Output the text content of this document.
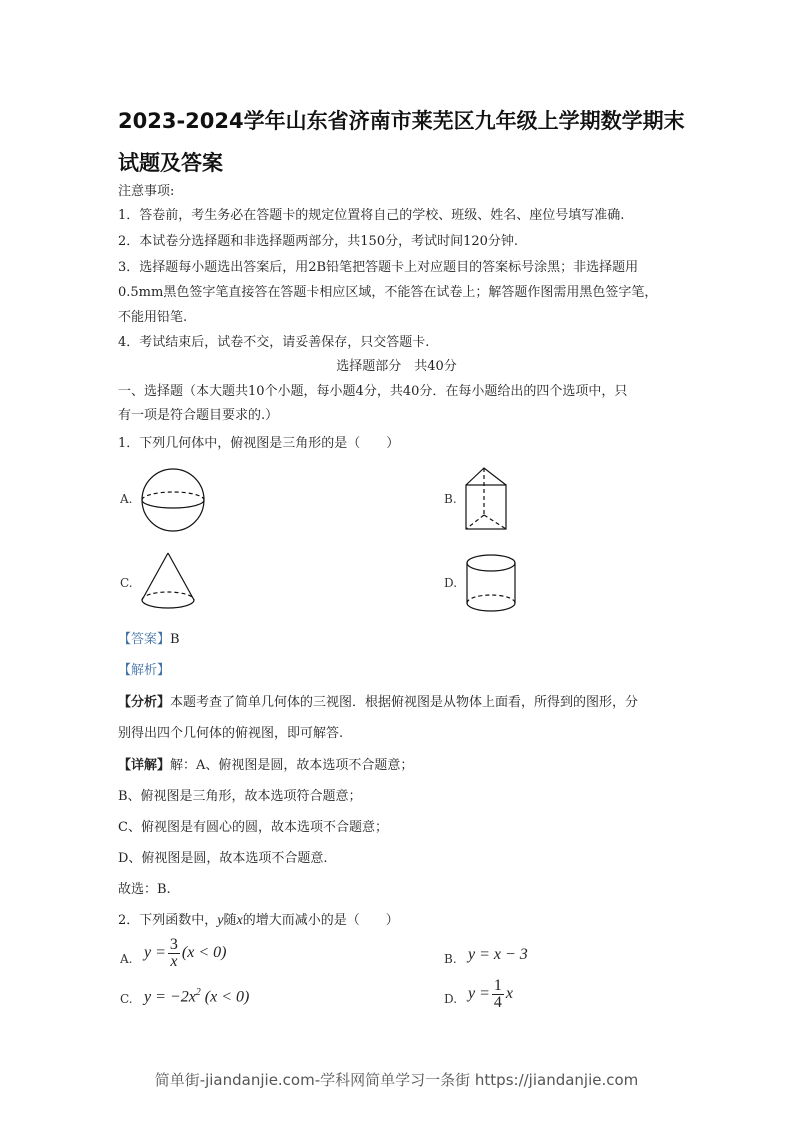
2023-2024学年山东省济南市莱芜区九年级上学期数学期末
试题及答案
注意事项:
1．答卷前，考生务必在答题卡的规定位置将自己的学校、班级、姓名、座位号填写准确.
2．本试卷分选择题和非选择题两部分，共150分，考试时间120分钟.
3．选择题每小题选出答案后，用2B铅笔把答题卡上对应题目的答案标号涂黑；非选择题用
0.5mm黑色签字笔直接答在答题卡相应区域，不能答在试卷上；解答题作图需用黑色签字笔，
不能用铅笔.
4．考试结束后，试卷不交，请妥善保存，只交答题卡.
选择题部分　共40分
一、选择题（本大题共10个小题，每小题4分，共40分．在每小题给出的四个选项中，只
有一项是符合题目要求的.）
1．下列几何体中，俯视图是三角形的是（　　）
A.	B.
C.	D.
【答案】B
【解析】
【分析】本题考查了简单几何体的三视图．根据俯视图是从物体上面看，所得到的图形，分
别得出四个几何体的俯视图，即可解答.
【详解】解：A、俯视图是圆，故本选项不合题意；
B、俯视图是三角形，故本选项符合题意；
C、俯视图是有圆心的圆，故本选项不合题意；
D、俯视图是圆，故本选项不合题意.
故选：B.
2．下列函数中，y随x的增大而减小的是（　　）
A. $y = \frac{3}{x} (x < 0)$	B. y = x − 3
C. $y = -2x^2$ (x < 0)	D. $y = \frac{1}{4}$ x
简单街-jiandanjie.com-学科网简单学习一条街 https://jiandanjie.com
